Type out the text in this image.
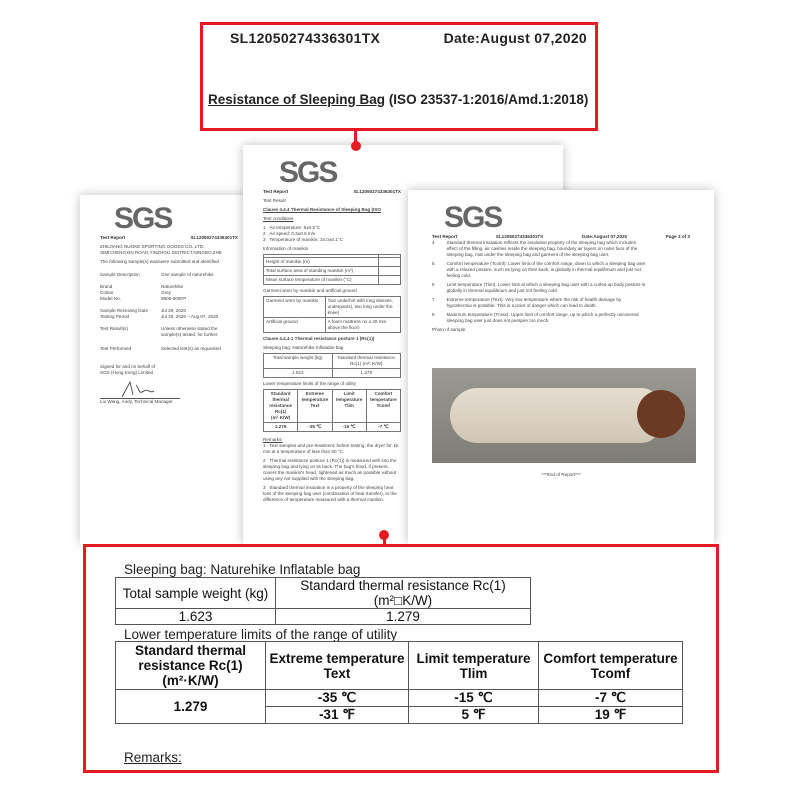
SGS
Test Report	SL12050274336301TX
ZHEJIANG NUOKE SPORTING GOODS CO.,LTD.
SIMICHENGXIN ROAD,YINZHOU DISTRICT,NINGBO,ZHE
The following sample(s) was/were submitted and identified
Sample Description	One sample of naturehike
Brand	Naturehike
Colour	Grey
Model No.	6905-600FP
Sample Receiving Date	Jul 29, 2020
Testing Period	Jul 30, 2020 – Aug 07, 2020
Test Result(s)	Unless otherwise stated the sample(s) tested, for further
Test Performed	Selected test(s) as requested
Signed for and on behalf of
SGS (Hong Kong) Limited
Liu Wang, Andy, Technical Manager
SGS
Test Report	SL12050274336301TX
Test Result
Clause 4.4.4 Thermal Resistance of Sleeping Bag (ISO
Test conditions
1   Air temperature: 5±0.5°C
2   Air speed: 0.3±0.5 m/s
3   Temperature of manikin: 34.0±0.1°C
Information of manikin

Height of manikin (m)	
Total surface area of standing manikin (m²)	
Mean surface temperature of manikin (°C)	
Garment worn by manikin and artificial ground
Garment worn by manikin	Two underhirt with long sleeves, underpants), two long under the knee)
Artificial ground	A foam mattress on a 20 mm above the floor)
Clause 4.4.4.1 Thermal resistance posture 1 (Rc(1))
Sleeping bag: Naturehike Inflatable bag
Total sample weight (kg)	Standard thermal resistance Rc(1) (m²□K/W)
1.623	1.279
Lower temperature limits of the range of utility
Standard thermal resistance Rc(1) (m²·K/W)	Extreme temperature Text	Limit temperature Tlim	Comfort temperature Tcomf
1.279	-35 ℃	-15 ℃	-7 ℃
Remarks:
1   Test samples and pre-treatment: before testing, the dryer for 15 min at a temperature of less than 60 °C.
2   Thermal resistance posture 1 (Rc(1)) is measured with into the sleeping bag and lying on its back. The bag's hood, if present, covers the manikin's head, tightened as much as possible without using any not supplied with the sleeping bag.
3   Standard thermal insulation is a property of the sleeping heat loss of the sleeping bag user (combination of heat transfer), to the difference of temperature measured with a thermal manikin.
SGS
Test Report	SL12050274336301TX	Date:August 07,2020	Page 3 of 3
4	Standard thermal insulation reflects the insulative property of the sleeping bag which includes effect of the filling, air cavities inside the sleeping bag, boundary air layers on outer face of the sleeping bag, mat under the sleeping bag and garment of the sleeping bag user.
5	Comfort temperature (Tcomf): Lower limit of the comfort range, down to which a sleeping bag user with a relaxed posture, such as lying on their back, is globally in thermal equilibrium and just not feeling cold.
6	Limit temperature (Tlim): Lower limit at which a sleeping bag user with a curled up body posture is globally in thermal equilibrium and just not feeling cold.
7	Extreme temperature (Text): Very low temperature where the risk of health damage by hypothermia is possible. This is a point of danger which can lead to death.
8	Maximum temperature (Tmax): Upper limit of comfort range, up to which a perfectly uncovered sleeping bag user just does not perspire too much.
Photo of sample:
***End of Report***
SL12050274336301TX	Date:August 07,2020
Resistance of Sleeping Bag (ISO 23537-1:2016/Amd.1:2018)
Sleeping bag: Naturehike Inflatable bag
Total sample weight (kg)	Standard thermal resistance Rc(1) (m²□K/W)
1.623	1.279
Lower temperature limits of the range of utility
Standard thermal resistance Rc(1) (m²·K/W)	Extreme temperature Text	Limit temperature Tlim	Comfort temperature Tcomf
1.279	-35 ℃	-15 ℃	-7 ℃
	-31 ℉	5 ℉	19 ℉
Remarks:
